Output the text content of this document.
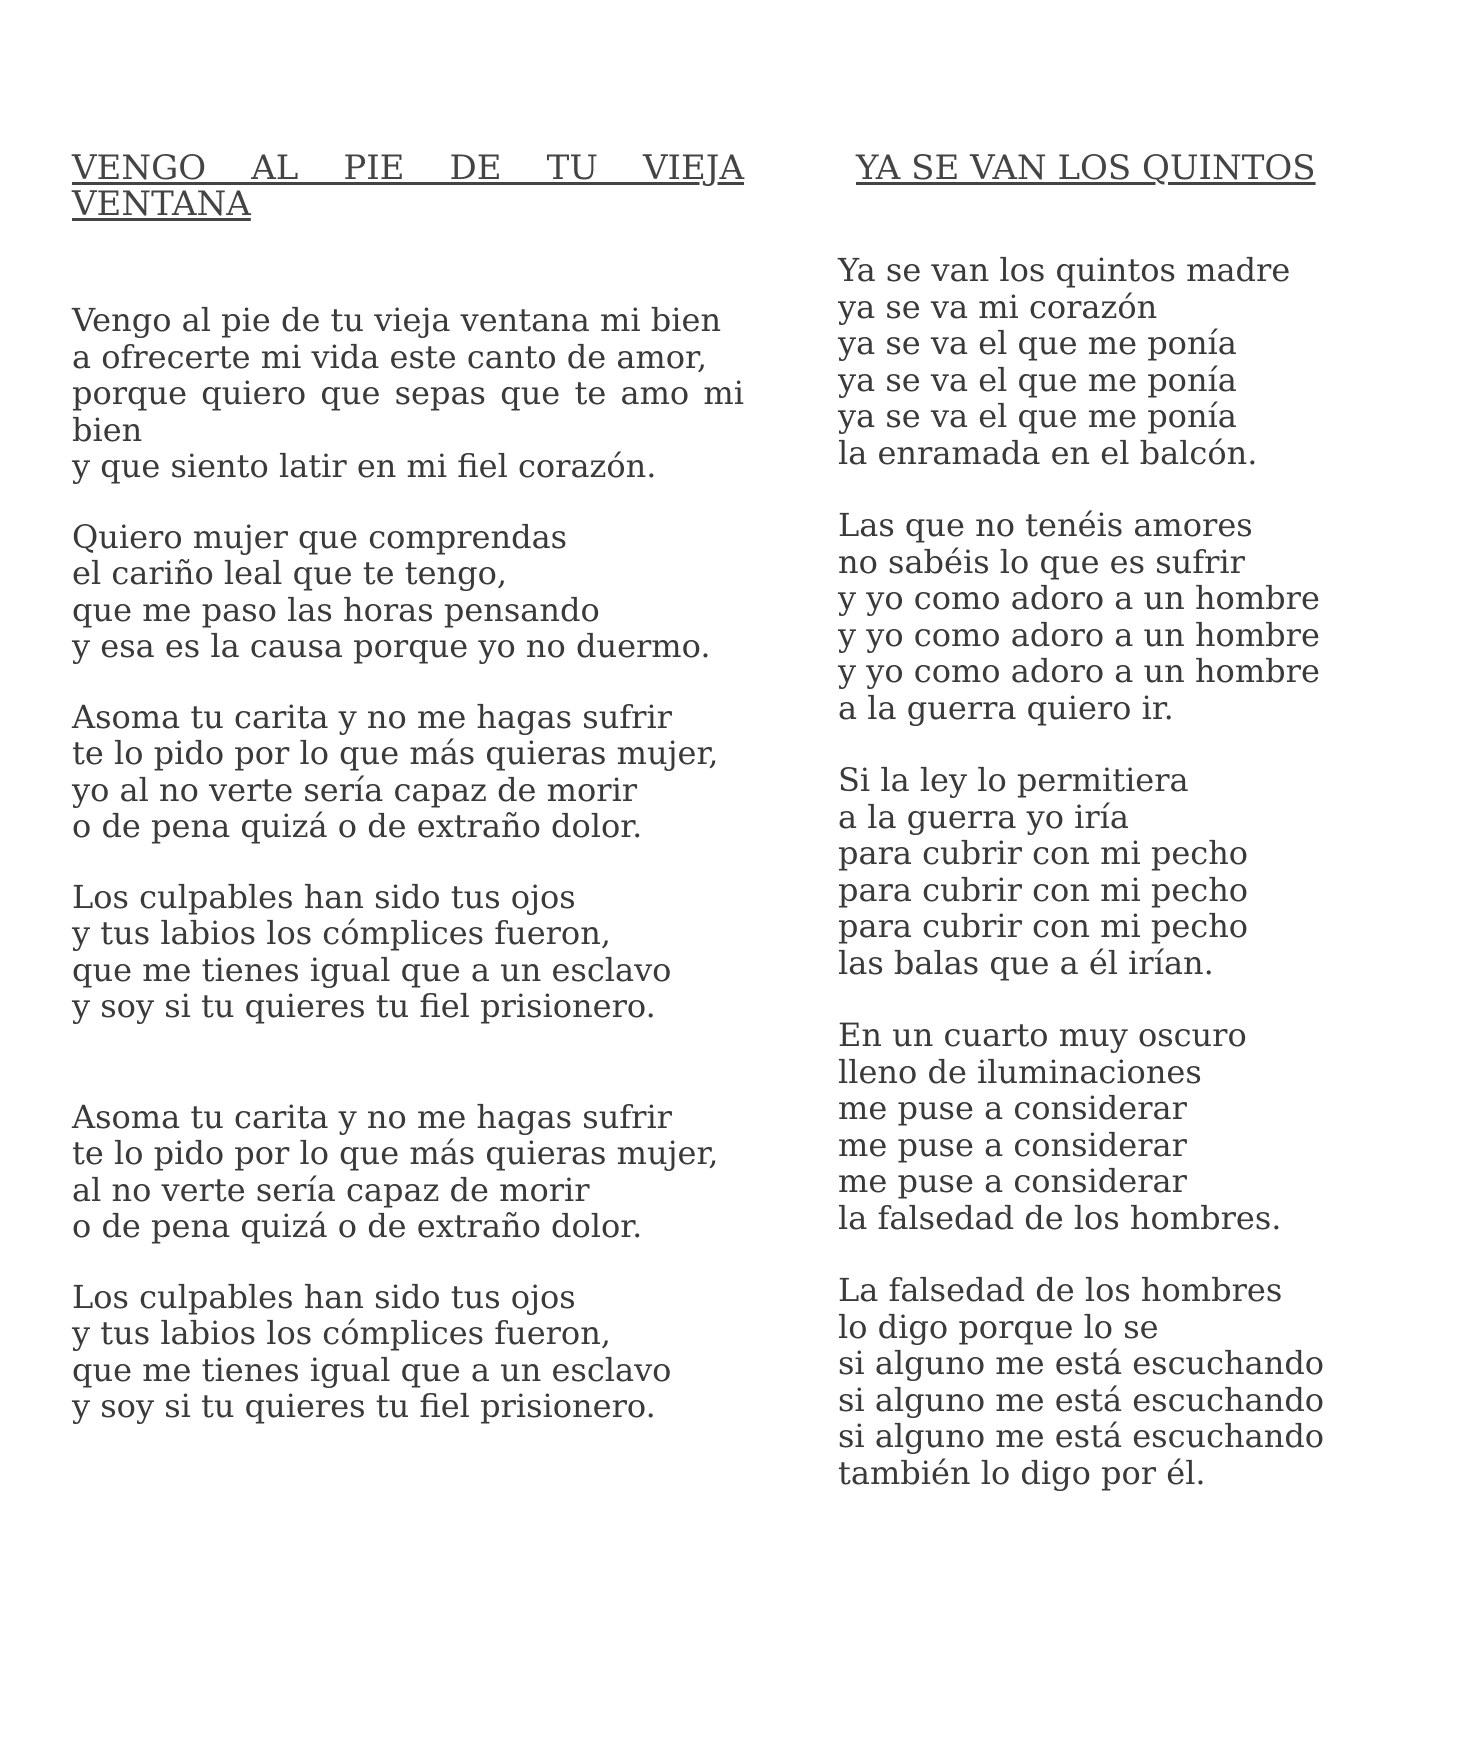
VENGO AL PIE DE TU VIEJA VENTANA

Vengo al pie de tu vieja ventana mi bien
a ofrecerte mi vida este canto de amor,
porque quiero que sepas que te amo mi bien
y que siento latir en mi fiel corazón.

Quiero mujer que comprendas
el cariño leal que te tengo,
que me paso las horas pensando
y esa es la causa porque yo no duermo.

Asoma tu carita y no me hagas sufrir
te lo pido por lo que más quieras mujer,
yo al no verte sería capaz de morir
o de pena quizá o de extraño dolor.

Los culpables han sido tus ojos
y tus labios los cómplices fueron,
que me tienes igual que a un esclavo
y soy si tu quieres tu fiel prisionero.

Asoma tu carita y no me hagas sufrir
te lo pido por lo que más quieras mujer,
al no verte sería capaz de morir
o de pena quizá o de extraño dolor.

Los culpables han sido tus ojos
y tus labios los cómplices fueron,
que me tienes igual que a un esclavo
y soy si tu quieres tu fiel prisionero.

YA SE VAN LOS QUINTOS

Ya se van los quintos madre
ya se va mi corazón
ya se va el que me ponía
ya se va el que me ponía
ya se va el que me ponía
la enramada en el balcón.

Las que no tenéis amores
no sabéis lo que es sufrir
y yo como adoro a un hombre
y yo como adoro a un hombre
y yo como adoro a un hombre
a la guerra quiero ir.

Si la ley lo permitiera
a la guerra yo iría
para cubrir con mi pecho
para cubrir con mi pecho
para cubrir con mi pecho
las balas que a él irían.

En un cuarto muy oscuro
lleno de iluminaciones
me puse a considerar
me puse a considerar
me puse a considerar
la falsedad de los hombres.

La falsedad de los hombres
lo digo porque lo se
si alguno me está escuchando
si alguno me está escuchando
si alguno me está escuchando
también lo digo por él.
